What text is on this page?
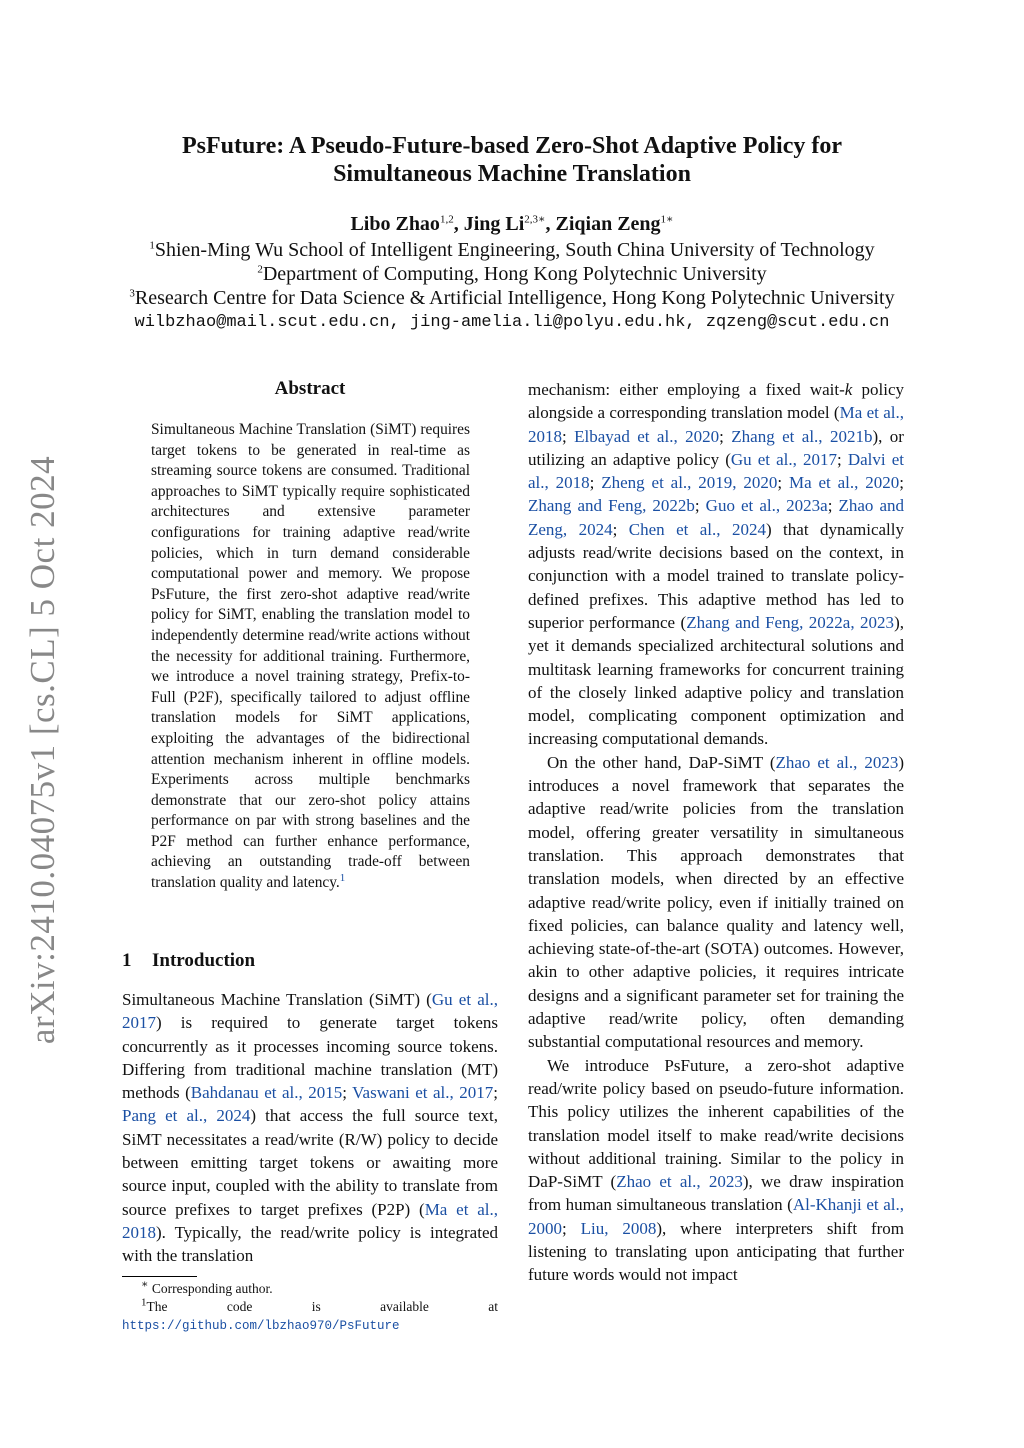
arXiv:2410.04075v1 [cs.CL] 5 Oct 2024
PsFuture: A Pseudo-Future-based Zero-Shot Adaptive Policy for
Simultaneous Machine Translation
Libo Zhao$^{1,2}$, Jing $Li^{2,3∗}$, Ziqian Zeng$^{1∗}$
$^1$Shien-Ming Wu School of Intelligent Engineering, South China University of Technology
$^2$Department of Computing, Hong Kong Polytechnic University
$^3$Research Centre for Data Science & Artificial Intelligence, Hong Kong Polytechnic University
wilbzhao@mail.scut.edu.cn, jing-amelia.li@polyu.edu.hk, zqzeng@scut.edu.cn
Abstract
Simultaneous Machine Translation (SiMT) requires target tokens to be generated in real-time as streaming source tokens are consumed. Traditional approaches to SiMT typically require sophisticated architectures and extensive parameter configurations for training adaptive read/write policies, which in turn demand considerable computational power and memory. We propose PsFuture, the first zero-shot adaptive read/write policy for SiMT, enabling the translation model to independently determine read/write actions without the necessity for additional training. Furthermore, we introduce a novel training strategy, Prefix-to-Full (P2F), specifically tailored to adjust offline translation models for SiMT applications, exploiting the advantages of the bidirectional attention mechanism inherent in offline models. Experiments across multiple benchmarks demonstrate that our zero-shot policy attains performance on par with strong baselines and the P2F method can further enhance performance, achieving an outstanding trade-off between translation quality and latency.$^1$
1 Introduction

Simultaneous Machine Translation (SiMT) (Gu et al., 2017) is required to generate target tokens concurrently as it processes incoming source tokens. Differing from traditional machine translation (MT) methods (Bahdanau et al., 2015; Vaswani et al., 2017; Pang et al., 2024) that access the full source text, SiMT necessitates a read/write (R/W) policy to decide between emitting target tokens or awaiting more source input, coupled with the ability to translate from source prefixes to target prefixes (P2P) (Ma et al., 2018). Typically, the read/write policy is integrated with the translation

mechanism: either employing a fixed wait-k policy alongside a corresponding translation model (Ma et al., 2018; Elbayad et al., 2020; Zhang et al., 2021b), or utilizing an adaptive policy (Gu et al., 2017; Dalvi et al., 2018; Zheng et al., 2019, 2020; Ma et al., 2020; Zhang and Feng, 2022b; Guo et al., 2023a; Zhao and Zeng, 2024; Chen et al., 2024) that dynamically adjusts read/write decisions based on the context, in conjunction with a model trained to translate policy-defined prefixes. This adaptive method has led to superior performance (Zhang and Feng, 2022a, 2023), yet it demands specialized architectural solutions and multitask learning frameworks for concurrent training of the closely linked adaptive policy and translation model, complicating component optimization and increasing computational demands.

On the other hand, DaP-SiMT (Zhao et al., 2023) introduces a novel framework that separates the adaptive read/write policies from the translation model, offering greater versatility in simultaneous translation. This approach demonstrates that translation models, when directed by an effective adaptive read/write policy, even if initially trained on fixed policies, can balance quality and latency well, achieving state-of-the-art (SOTA) outcomes. However, akin to other adaptive policies, it requires intricate designs and a significant parameter set for training the adaptive read/write policy, often demanding substantial computational resources and memory.

We introduce PsFuture, a zero-shot adaptive read/write policy based on pseudo-future information. This policy utilizes the inherent capabilities of the translation model itself to make read/write decisions without additional training. Similar to the policy in DaP-SiMT (Zhao et al., 2023), we draw inspiration from human simultaneous translation (Al-Khanji et al., 2000; Liu, 2008), where interpreters shift from listening to translating upon anticipating that further future words would not impact

∗ Corresponding author.
$^1$The code is available at https://github.com/lbzhao970/PsFuture
